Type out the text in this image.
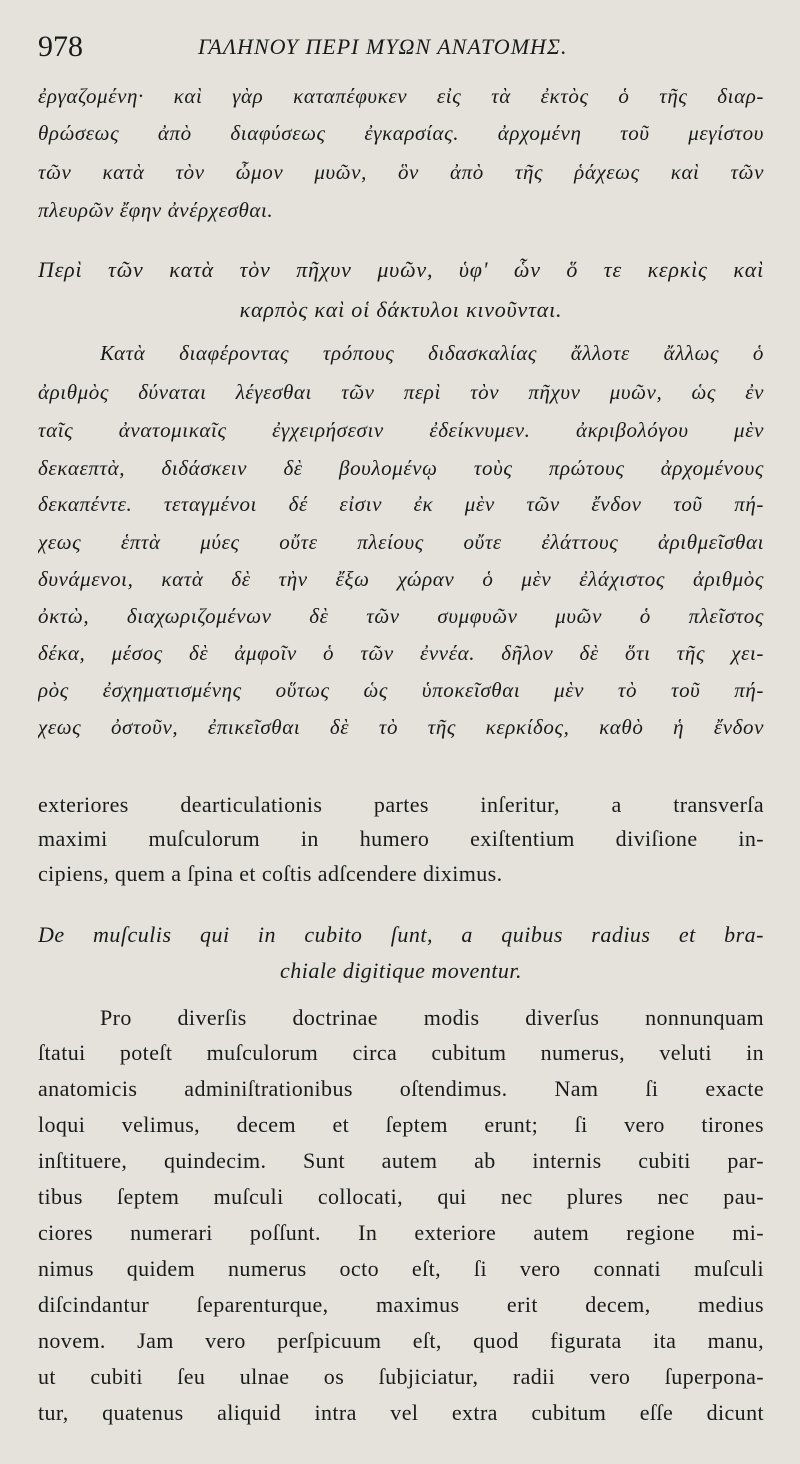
978	ΓΑΛΗΝΟΥ ΠΕΡΙ ΜΥΩΝ ΑΝΑΤΟΜΗΣ.
ἐργαζομένη· καὶ γὰρ καταπέφυκεν εἰς τὰ ἐκτὸς ὁ τῆς διαρ-
θρώσεως ἀπὸ διαφύσεως ἐγκαρσίας. ἀρχομένη τοῦ μεγίστου
τῶν κατὰ τὸν ὦμον μυῶν, ὃν ἀπὸ τῆς ῥάχεως καὶ τῶν
πλευρῶν ἔφην ἀνέρχεσθαι.
Περὶ τῶν κατὰ τὸν πῆχυν μυῶν, ὑφ' ὧν ὅ τε κερκὶς καὶ
καρπὸς καὶ οἱ δάκτυλοι κινοῦνται.
Κατὰ διαφέροντας τρόπους διδασκαλίας ἄλλοτε ἄλλως ὁ
ἀριθμὸς δύναται λέγεσθαι τῶν περὶ τὸν πῆχυν μυῶν, ὡς ἐν
ταῖς ἀνατομικαῖς ἐγχειρήσεσιν ἐδείκνυμεν. ἀκριβολόγου μὲν
δεκαεπτὰ, διδάσκειν δὲ βουλομένῳ τοὺς πρώτους ἀρχομένους
δεκαπέντε. τεταγμένοι δέ εἰσιν ἐκ μὲν τῶν ἔνδον τοῦ πή-
χεως ἑπτὰ μύες οὔτε πλείους οὔτε ἐλάττους ἀριθμεῖσθαι
δυνάμενοι, κατὰ δὲ τὴν ἔξω χώραν ὁ μὲν ἐλάχιστος ἀριθμὸς
ὀκτὼ, διαχωριζομένων δὲ τῶν συμφυῶν μυῶν ὁ πλεῖστος
δέκα, μέσος δὲ ἀμφοῖν ὁ τῶν ἐννέα. δῆλον δὲ ὅτι τῆς χει-
ρὸς ἐσχηματισμένης οὕτως ὡς ὑποκεῖσθαι μὲν τὸ τοῦ πή-
χεως ὀστοῦν, ἐπικεῖσθαι δὲ τὸ τῆς κερκίδος, καθὸ ἡ ἔνδον
exteriores dearticulationis partes inſeritur, a transverſa
maximi muſculorum in humero exiſtentium diviſione in-
cipiens, quem a ſpina et coſtis adſcendere diximus.
De muſculis qui in cubito ſunt, a quibus radius et bra-
chiale digitique moventur.
Pro diverſis doctrinae modis diverſus nonnunquam
ſtatui poteſt muſculorum circa cubitum numerus, veluti in
anatomicis adminiſtrationibus oſtendimus. Nam ſi exacte
loqui velimus, decem et ſeptem erunt; ſi vero tirones
inſtituere, quindecim. Sunt autem ab internis cubiti par-
tibus ſeptem muſculi collocati, qui nec plures nec pau-
ciores numerari poſſunt. In exteriore autem regione mi-
nimus quidem numerus octo eſt, ſi vero connati muſculi
diſcindantur ſeparenturque, maximus erit decem, medius
novem. Jam vero perſpicuum eſt, quod figurata ita manu,
ut cubiti ſeu ulnae os ſubjiciatur, radii vero ſuperpona-
tur, quatenus aliquid intra vel extra cubitum eſſe dicunt
